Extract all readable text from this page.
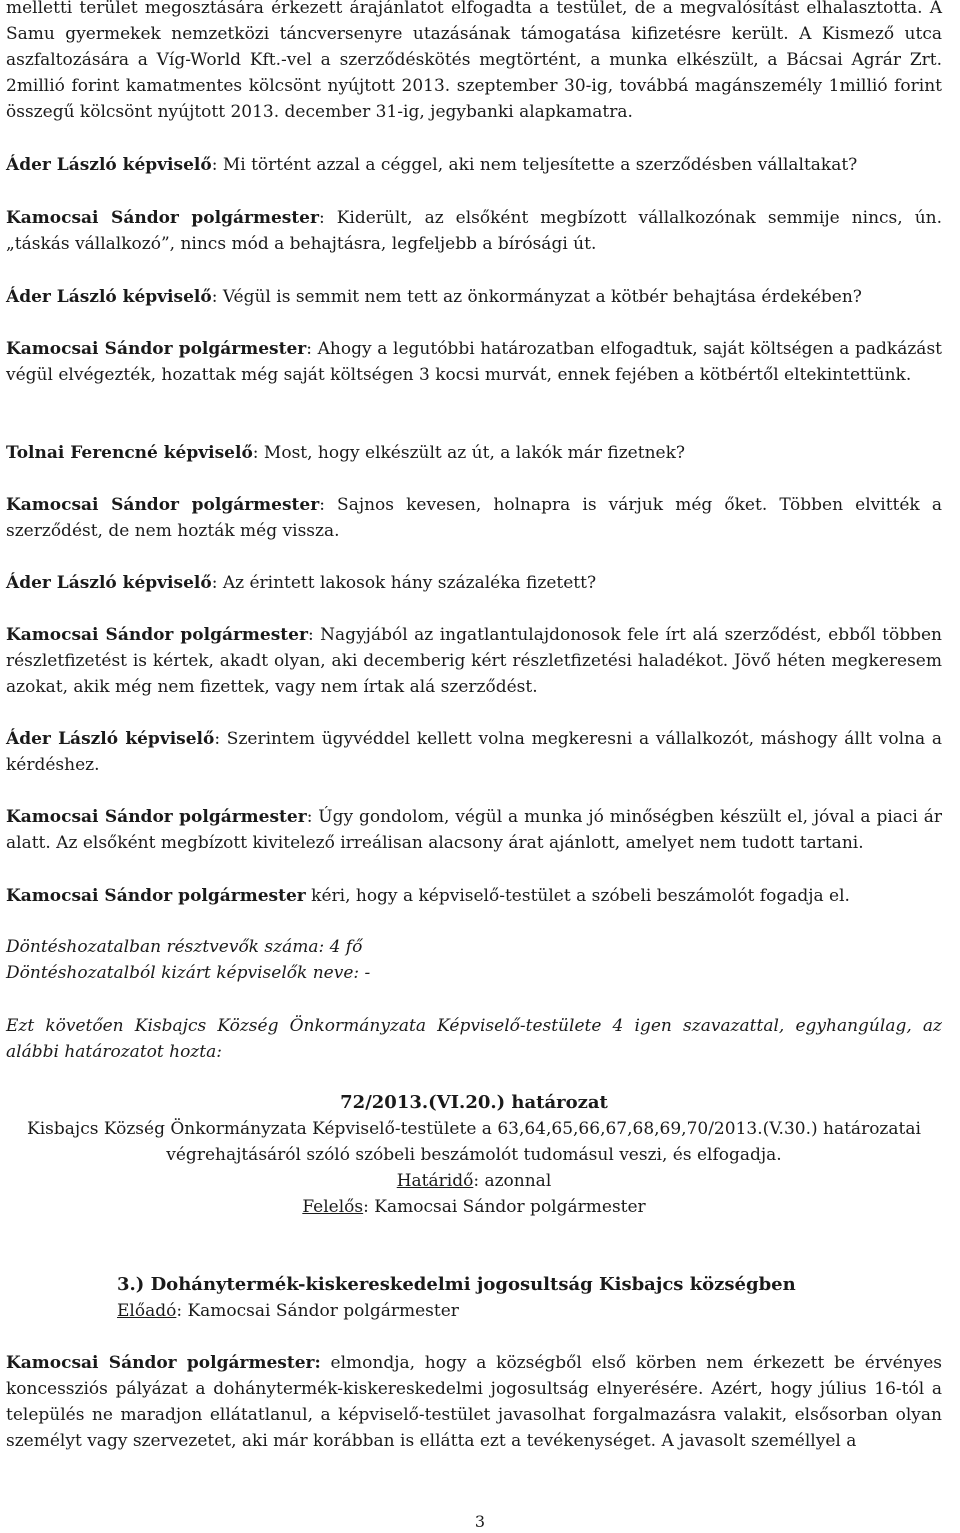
melletti terület megosztására érkezett árajánlatot elfogadta a testület, de a megvalósítást elhalasztotta. A Samu gyermekek nemzetközi táncversenyre utazásának támogatása kifizetésre került. A Kismező utca aszfaltozására a Víg-World Kft.-vel a szerződéskötés megtörtént, a munka elkészült, a Bácsai Agrár Zrt. 2millió forint kamatmentes kölcsönt nyújtott 2013. szeptember 30-ig, továbbá magánszemély 1millió forint összegű kölcsönt nyújtott 2013. december 31-ig, jegybanki alapkamatra.

Áder László képviselő: Mi történt azzal a céggel, aki nem teljesítette a szerződésben vállaltakat?

Kamocsai Sándor polgármester: Kiderült, az elsőként megbízott vállalkozónak semmije nincs, ún. „táskás vállalkozó”, nincs mód a behajtásra, legfeljebb a bírósági út.

Áder László képviselő: Végül is semmit nem tett az önkormányzat a kötbér behajtása érdekében?

Kamocsai Sándor polgármester: Ahogy a legutóbbi határozatban elfogadtuk, saját költségen a padkázást végül elvégezték, hozattak még saját költségen 3 kocsi murvát, ennek fejében a kötbértől eltekintettünk.

Tolnai Ferencné képviselő: Most, hogy elkészült az út, a lakók már fizetnek?

Kamocsai Sándor polgármester: Sajnos kevesen, holnapra is várjuk még őket. Többen elvitték a szerződést, de nem hozták még vissza.

Áder László képviselő: Az érintett lakosok hány százaléka fizetett?

Kamocsai Sándor polgármester: Nagyjából az ingatlantulajdonosok fele írt alá szerződést, ebből többen részletfizetést is kértek, akadt olyan, aki decemberig kért részletfizetési haladékot. Jövő héten megkeresem azokat, akik még nem fizettek, vagy nem írtak alá szerződést.

Áder László képviselő: Szerintem ügyvéddel kellett volna megkeresni a vállalkozót, máshogy állt volna a kérdéshez.

Kamocsai Sándor polgármester: Úgy gondolom, végül a munka jó minőségben készült el, jóval a piaci ár alatt. Az elsőként megbízott kivitelező irreálisan alacsony árat ajánlott, amelyet nem tudott tartani.

Kamocsai Sándor polgármester kéri, hogy a képviselő-testület a szóbeli beszámolót fogadja el.

Döntéshozatalban résztvevők száma: 4 fő

Döntéshozatalból kizárt képviselők neve: -

Ezt követően Kisbajcs Község Önkormányzata Képviselő-testülete 4 igen szavazattal, egyhangúlag, az alábbi határozatot hozta:

72/2013.(VI.20.) határozat

Kisbajcs Község Önkormányzata Képviselő-testülete a 63,64,65,66,67,68,69,70/2013.(V.30.) határozatai végrehajtásáról szóló szóbeli beszámolót tudomásul veszi, és elfogadja.

Határidő: azonnal

Felelős: Kamocsai Sándor polgármester

3.) Dohánytermék-kiskereskedelmi jogosultság Kisbajcs községben

Előadó: Kamocsai Sándor polgármester

Kamocsai Sándor polgármester: elmondja, hogy a községből első körben nem érkezett be érvényes koncessziós pályázat a dohánytermék-kiskereskedelmi jogosultság elnyerésére. Azért, hogy július 16-tól a település ne maradjon ellátatlanul, a képviselő-testület javasolhat forgalmazásra valakit, elsősorban olyan személyt vagy szervezetet, aki már korábban is ellátta ezt a tevékenységet. A javasolt személlyel a

3
